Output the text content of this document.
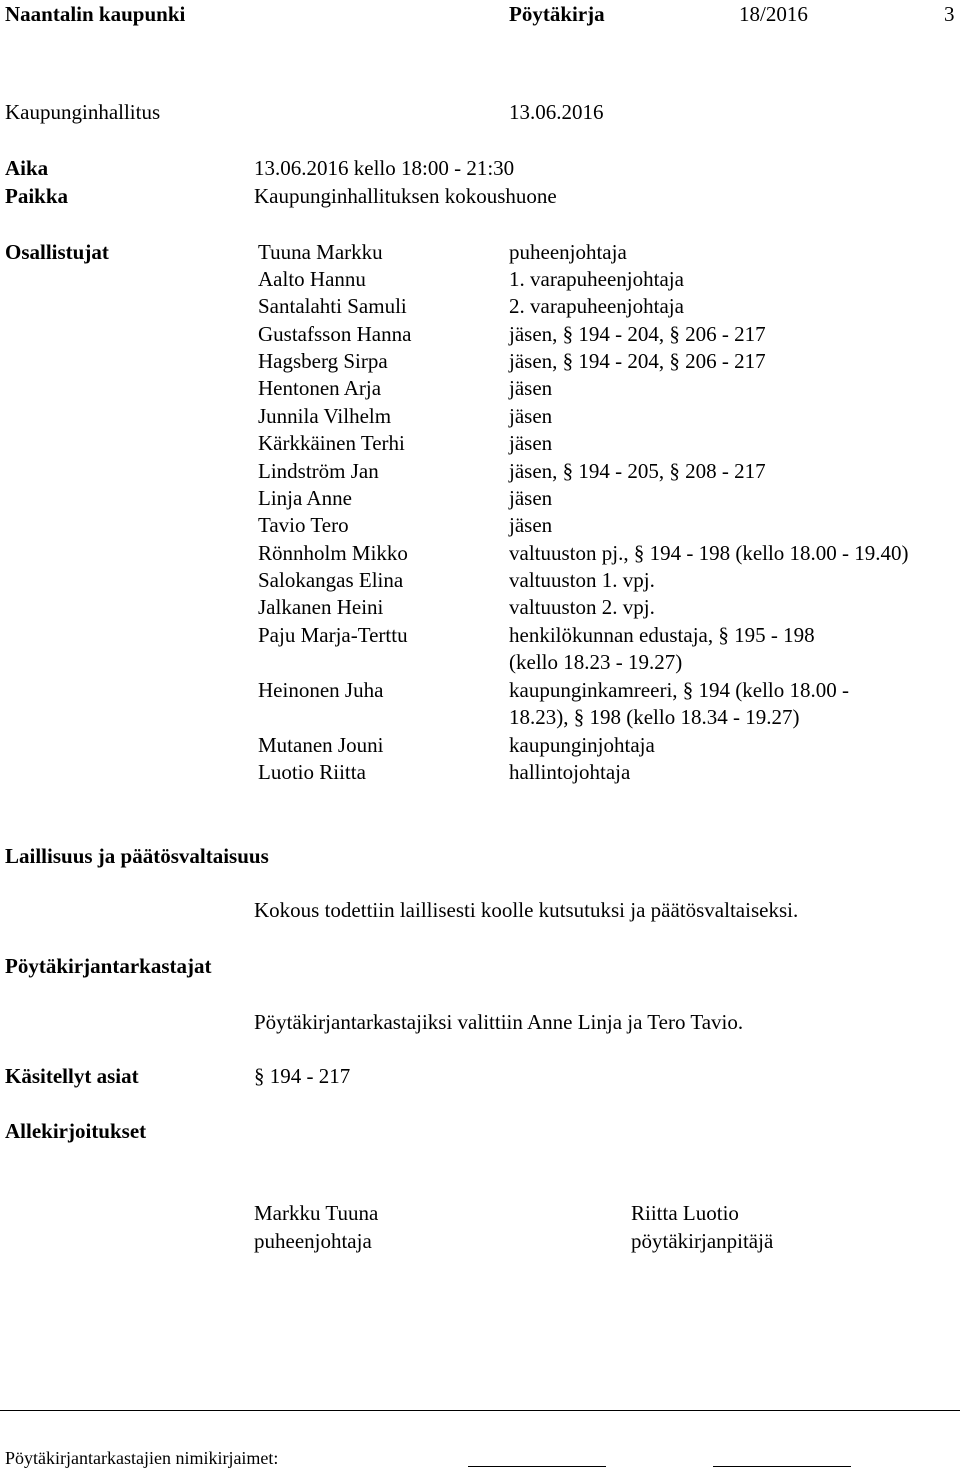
Naantalin kaupunki	Pöytäkirja	18/2016	3
Kaupunginhallitus	13.06.2016
Aika	13.06.2016 kello 18:00 - 21:30
Paikka	Kaupunginhallituksen kokoushuone
Osallistujat	Tuuna Markku	puheenjohtaja
Aalto Hannu	1. varapuheenjohtaja
Santalahti Samuli	2. varapuheenjohtaja
Gustafsson Hanna	jäsen, § 194 - 204, § 206 - 217
Hagsberg Sirpa	jäsen, § 194 - 204, § 206 - 217
Hentonen Arja	jäsen
Junnila Vilhelm	jäsen
Kärkkäinen Terhi	jäsen
Lindström Jan	jäsen, § 194 - 205, § 208 - 217
Linja Anne	jäsen
Tavio Tero	jäsen
Rönnholm Mikko	valtuuston pj., § 194 - 198 (kello 18.00 - 19.40)
Salokangas Elina	valtuuston 1. vpj.
Jalkanen Heini	valtuuston 2. vpj.
Paju Marja-Terttu	henkilökunnan edustaja, § 195 - 198
(kello 18.23 - 19.27)
Heinonen Juha	kaupunginkamreeri, § 194 (kello 18.00 -
18.23), § 198 (kello 18.34 - 19.27)
Mutanen Jouni	kaupunginjohtaja
Luotio Riitta	hallintojohtaja
Laillisuus ja päätösvaltaisuus
Kokous todettiin laillisesti koolle kutsutuksi ja päätösvaltaiseksi.
Pöytäkirjantarkastajat
Pöytäkirjantarkastajiksi valittiin Anne Linja ja Tero Tavio.
Käsitellyt asiat	§ 194 - 217
Allekirjoitukset
Markku Tuuna
puheenjohtaja
Riitta Luotio
pöytäkirjanpitäjä
Pöytäkirjantarkastajien nimikirjaimet:
